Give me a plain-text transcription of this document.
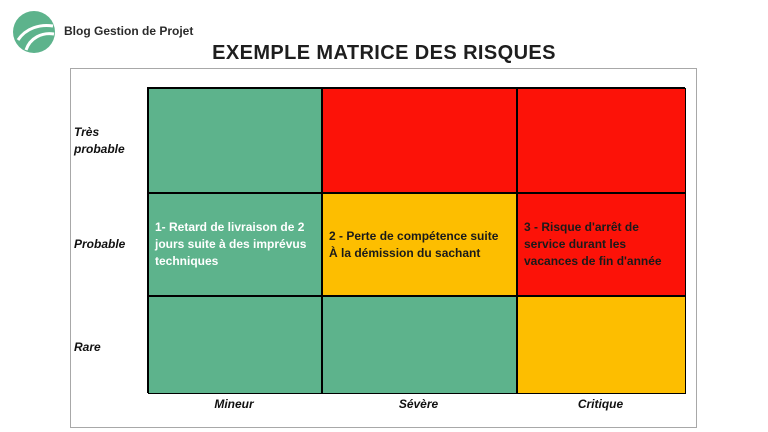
Blog Gestion de Projet
EXEMPLE MATRICE DES RISQUES
Très
probable
Probable
Rare
1- Retard de livraison de 2 jours suite à des imprévus techniques
2 - Perte de compétence suite À la démission du sachant
3 - Risque d'arrêt de service durant les vacances de fin d'année
Mineur	Sévère	Critique
